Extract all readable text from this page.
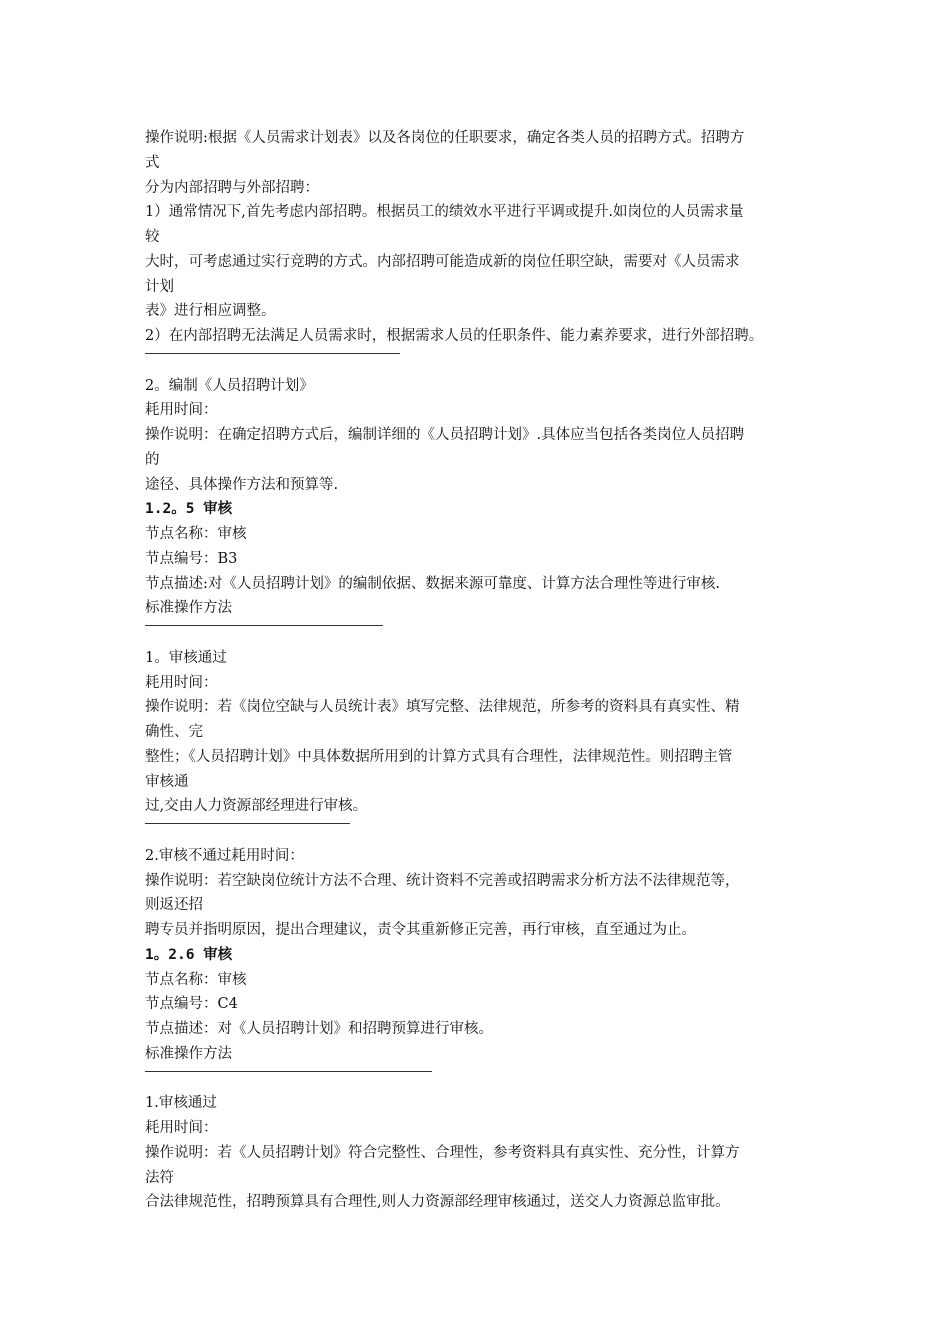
操作说明:根据《人员需求计划表》以及各岗位的任职要求，确定各类人员的招聘方式。招聘方
式
分为内部招聘与外部招聘：
1）通常情况下,首先考虑内部招聘。根据员工的绩效水平进行平调或提升.如岗位的人员需求量
较
大时，可考虑通过实行竞聘的方式。内部招聘可能造成新的岗位任职空缺，需要对《人员需求
计划
表》进行相应调整。
2）在内部招聘无法满足人员需求时，根据需求人员的任职条件、能力素养要求，进行外部招聘。
2。编制《人员招聘计划》
耗用时间：
操作说明：在确定招聘方式后，编制详细的《人员招聘计划》.具体应当包括各类岗位人员招聘
的
途径、具体操作方法和预算等.
1.2。5 审核
节点名称：审核
节点编号：B3
节点描述:对《人员招聘计划》的编制依据、数据来源可靠度、计算方法合理性等进行审核.
标准操作方法
1。审核通过
耗用时间：
操作说明：若《岗位空缺与人员统计表》填写完整、法律规范，所参考的资料具有真实性、精
确性、完
整性；《人员招聘计划》中具体数据所用到的计算方式具有合理性，法律规范性。则招聘主管
审核通
过,交由人力资源部经理进行审核。
2.审核不通过耗用时间：
操作说明：若空缺岗位统计方法不合理、统计资料不完善或招聘需求分析方法不法律规范等，
则返还招
聘专员并指明原因，提出合理建议，责令其重新修正完善，再行审核，直至通过为止。
1。2.6 审核
节点名称：审核
节点编号：C4
节点描述：对《人员招聘计划》和招聘预算进行审核。
标准操作方法
1.审核通过
耗用时间：
操作说明：若《人员招聘计划》符合完整性、合理性，参考资料具有真实性、充分性，计算方
法符
合法律规范性，招聘预算具有合理性,则人力资源部经理审核通过，送交人力资源总监审批。
